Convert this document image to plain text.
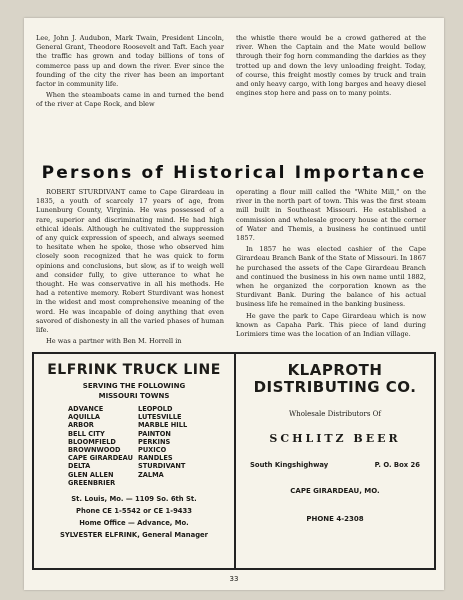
Lee, John J. Audubon, Mark Twain, President Lincoln, General Grant, Theodore Roosevelt and Taft. Each year the traffic has grown and today billions of tons of commerce pass up and down the river. Ever since the founding of the city the river has been an important factor in community life.

When the steamboats came in and turned the bend of the river at Cape Rock, and blew

the whistle there would be a crowd gathered at the river. When the Captain and the Mate would bellow through their fog horn commanding the darkies as they trotted up and down the levy unloading freight. Today, of course, this freight mostly comes by truck and train and only heavy cargo, with long barges and heavy diesel engines stop here and pass on to many points.

Persons of Historical Importance

ROBERT STURDIVANT came to Cape Girardeau in 1835, a youth of scarcely 17 years of age, from Lunenburg County, Virginia. He was possessed of a rare, superior and discriminating mind. He had high ethical ideals. Although he cultivated the suppression of any quick expression of speech, and always seemed to hesitate when he spoke, those who observed him closely soon recognized that he was quick to form opinions and conclusions, but slow, as if to weigh well and consider fully, to give utterance to what he thought. He was conservative in all his methods. He had a retentive memory. Robert Sturdivant was honest in the widest and most comprehensive meaning of the word. He was incapable of doing anything that even savored of dishonesty in all the varied phases of human life.

He was a partner with Ben M. Horrell in

operating a flour mill called the "White Mill," on the river in the north part of town. This was the first steam mill built in Southeast Missouri. He established a commission and wholesale grocery house at the corner of Water and Themis, a business he continued until 1857.

In 1857 he was elected cashier of the Cape Girardeau Branch Bank of the State of Missouri. In 1867 he purchased the assets of the Cape Girardeau Branch and continued the business in his own name until 1882, when he organized the corporation known as the Sturdivant Bank. During the balance of his actual business life he remained in the banking business.

He gave the park to Cape Girardeau which is now known as Capaha Park. This piece of land during Lorimiers time was the location of an Indian village.

ELFRINK TRUCK LINE
SERVING THE FOLLOWING
MISSOURI TOWNS
ADVANCE
AQUILLA
ARBOR
BELL CITY
BLOOMFIELD
BROWNWOOD
CAPE GIRARDEAU
DELTA
GLEN ALLEN
GREENBRIER
LEOPOLD
LUTESVILLE
MARBLE HILL
PAINTON
PERKINS
PUXICO
RANDLES
STURDIVANT
ZALMA
St. Louis, Mo. — 1109 So. 6th St.
Phone CE 1-5542 or CE 1-9433
Home Office — Advance, Mo.
SYLVESTER ELFRINK, General Manager
KLAPROTH
DISTRIBUTING CO.
Wholesale Distributors Of
SCHLITZ BEER
South Kingshighway	P. O. Box 26
CAPE GIRARDEAU, MO.
PHONE 4-2308
33
